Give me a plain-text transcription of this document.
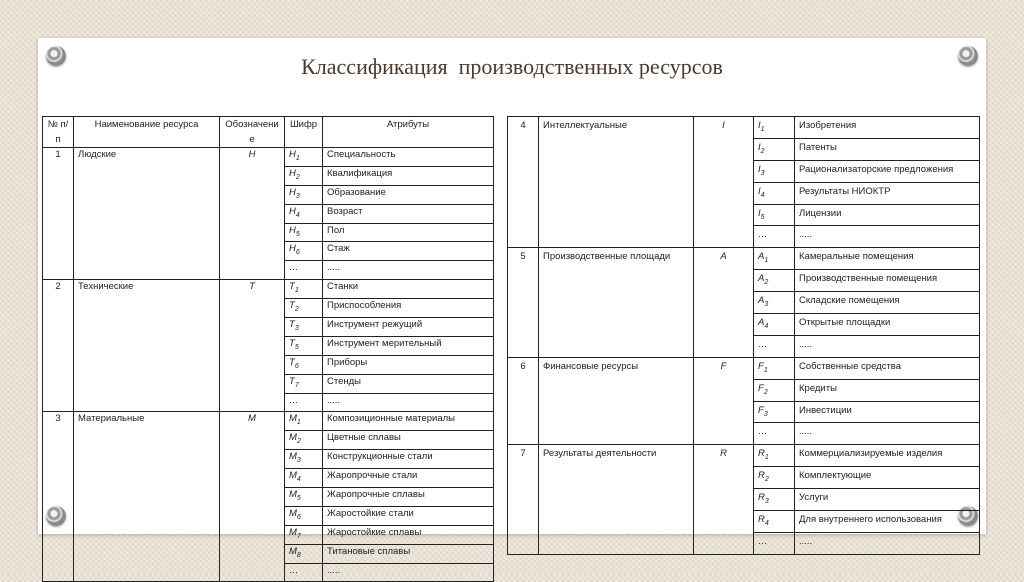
Классификация  производственных ресурсов
№ п/п	Наименование ресурса	Обозначение	Шифр	Атрибуты
1	Людские	H	$H_1$	Специальность
			$H_2$	Квалификация
			$H_3$	Образование
			$H_4$	Возраст
			$H_5$	Пол
			$H_6$	Стаж
			…	.....
2	Технические	T	$T_1$	Станки
			$T_2$	Приспособления
			$T_3$	Инструмент режущий
			$T_5$	Инструмент мерительный
			$T_6$	Приборы
			$T_7$	Стенды
			…	.....
3	Материальные	M	$M_1$	Композиционные материалы
			$M_2$	Цветные сплавы
			$M_3$	Конструкционные стали
			$M_4$	Жаропрочные стали
			$M_5$	Жаропрочные сплавы
			$M_6$	Жаростойкие стали
			$M_7$	Жаростойкие сплавы
			$M_8$	Титановые сплавы
			…	.....
4	Интеллектуальные	I	$I_1$	Изобретения
			$I_2$	Патенты
			$I_3$	Рационализаторские предложения
			$I_4$	Результаты НИОКТР
			$I_5$	Лицензии
			…	.....
5	Производственные площади	A	$A_1$	Камеральные помещения
			$A_2$	Производственные помещения
			$A_3$	Складские помещения
			$A_4$	Открытые площадки
			…	.....
6	Финансовые ресурсы	F	$F_1$	Собственные средства
			$F_2$	Кредиты
			$F_3$	Инвестиции
			…	.....
7	Результаты деятельности	R	$R_1$	Коммерциализируемые изделия
			$R_2$	Комплектующие
			$R_3$	Услуги
			$R_4$	Для внутреннего использования
			…	.....
